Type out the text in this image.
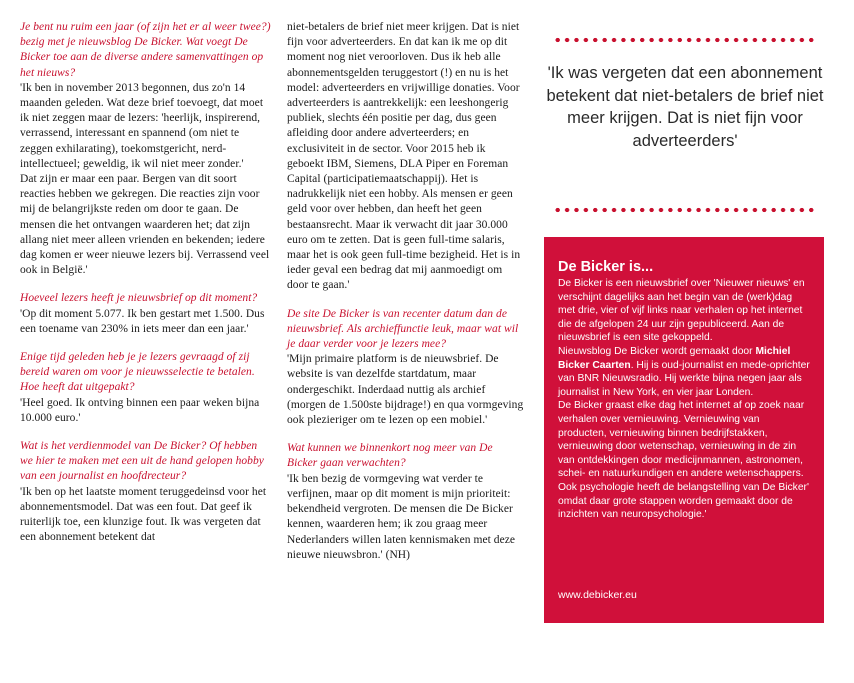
Je bent nu ruim een jaar (of zijn het er al weer twee?) bezig met je nieuwsblog De Bicker. Wat voegt De Bicker toe aan de diverse andere samenvattingen op het nieuws?

'Ik ben in november 2013 begonnen, dus zo'n 14 maanden geleden. Wat deze brief toevoegt, dat moet ik niet zeggen maar de lezers: 'heerlijk, inspirerend, verrassend, interessant en spannend (om niet te zeggen exhilarating), toekomstgericht, nerd-intellectueel; geweldig, ik wil niet meer zonder.'

Dat zijn er maar een paar. Bergen van dit soort reacties hebben we gekregen. Die reacties zijn voor mij de belangrijkste reden om door te gaan. De mensen die het ontvangen waarderen het; dat zijn allang niet meer alleen vrienden en bekenden; iedere dag komen er weer nieuwe lezers bij. Verrassend veel ook in België.'

Hoeveel lezers heeft je nieuwsbrief op dit moment?

'Op dit moment 5.077. Ik ben gestart met 1.500. Dus een toename van 230% in iets meer dan een jaar.'

Enige tijd geleden heb je je lezers gevraagd of zij bereid waren om voor je nieuwsselectie te betalen. Hoe heeft dat uitgepakt?

'Heel goed. Ik ontving binnen een paar weken bijna 10.000 euro.'

Wat is het verdienmodel van De Bicker? Of hebben we hier te maken met een uit de hand gelopen hobby van een journalist en hoofdrecteur?

'Ik ben op het laatste moment teruggedeinsd voor het abonnementsmodel. Dat was een fout. Dat geef ik ruiterlijk toe, een klunzige fout. Ik was vergeten dat een abonnement betekent dat

niet-betalers de brief niet meer krijgen. Dat is niet fijn voor adverteerders. En dat kan ik me op dit moment nog niet veroorloven. Dus ik heb alle abonnementsgelden teruggestort (!) en nu is het model: adverteerders en vrijwillige donaties. Voor adverteerders is aantrekkelijk: een leeshongerig publiek, slechts één positie per dag, dus geen afleiding door andere adverteerders; en exclusiviteit in de sector. Voor 2015 heb ik geboekt IBM, Siemens, DLA Piper en Foreman Capital (participatiemaatschappij). Het is nadrukkelijk niet een hobby. Als mensen er geen geld voor over hebben, dan heeft het geen bestaansrecht. Maar ik verwacht dit jaar 30.000 euro om te zetten. Dat is geen full-time salaris, maar het is ook geen full-time bezigheid. Het is in ieder geval een bedrag dat mij aanmoedigt om door te gaan.'

De site De Bicker is van recenter datum dan de nieuwsbrief. Als archieffunctie leuk, maar wat wil je daar verder voor je lezers mee?

'Mijn primaire platform is de nieuwsbrief. De website is van dezelfde startdatum, maar ondergeschikt. Inderdaad nuttig als archief (morgen de 1.500ste bijdrage!) en qua vormgeving ook plezieriger om te lezen op een mobiel.'

Wat kunnen we binnenkort nog meer van De Bicker gaan verwachten?

'Ik ben bezig de vormgeving wat verder te verfijnen, maar op dit moment is mijn prioriteit: bekendheid vergroten. De mensen die De Bicker kennen, waarderen hem; ik zou graag meer Nederlanders willen laten kennismaken met deze nieuwe nieuwsbron.' (NH)

'Ik was vergeten dat een abonnement betekent dat niet-betalers de brief niet meer krijgen. Dat is niet fijn voor adverteerders'

De Bicker is...

De Bicker is een nieuwsbrief over 'Nieuwer nieuws' en verschijnt dagelijks aan het begin van de (werk)dag met drie, vier of vijf links naar verhalen op het internet die de afgelopen 24 uur zijn gepubliceerd. Aan de nieuwsbrief is een site gekoppeld.

Nieuwsblog De Bicker wordt gemaakt door Michiel Bicker Caarten. Hij is oud-journalist en mede-oprichter van BNR Nieuwsradio. Hij werkte bijna negen jaar als journalist in New York, en vier jaar Londen.

De Bicker graast elke dag het internet af op zoek naar verhalen over vernieuwing. Vernieuwing van producten, vernieuwing binnen bedrijfstakken, vernieuwing door wetenschap, vernieuwing in de zin van ontdekkingen door medicijnmannen, astronomen, schei- en natuurkundigen en andere wetenschappers. Ook psychologie heeft de belangstelling van De Bicker' omdat daar grote stappen worden gemaakt door de inzichten van neuropsychologie.'

www.debicker.eu
